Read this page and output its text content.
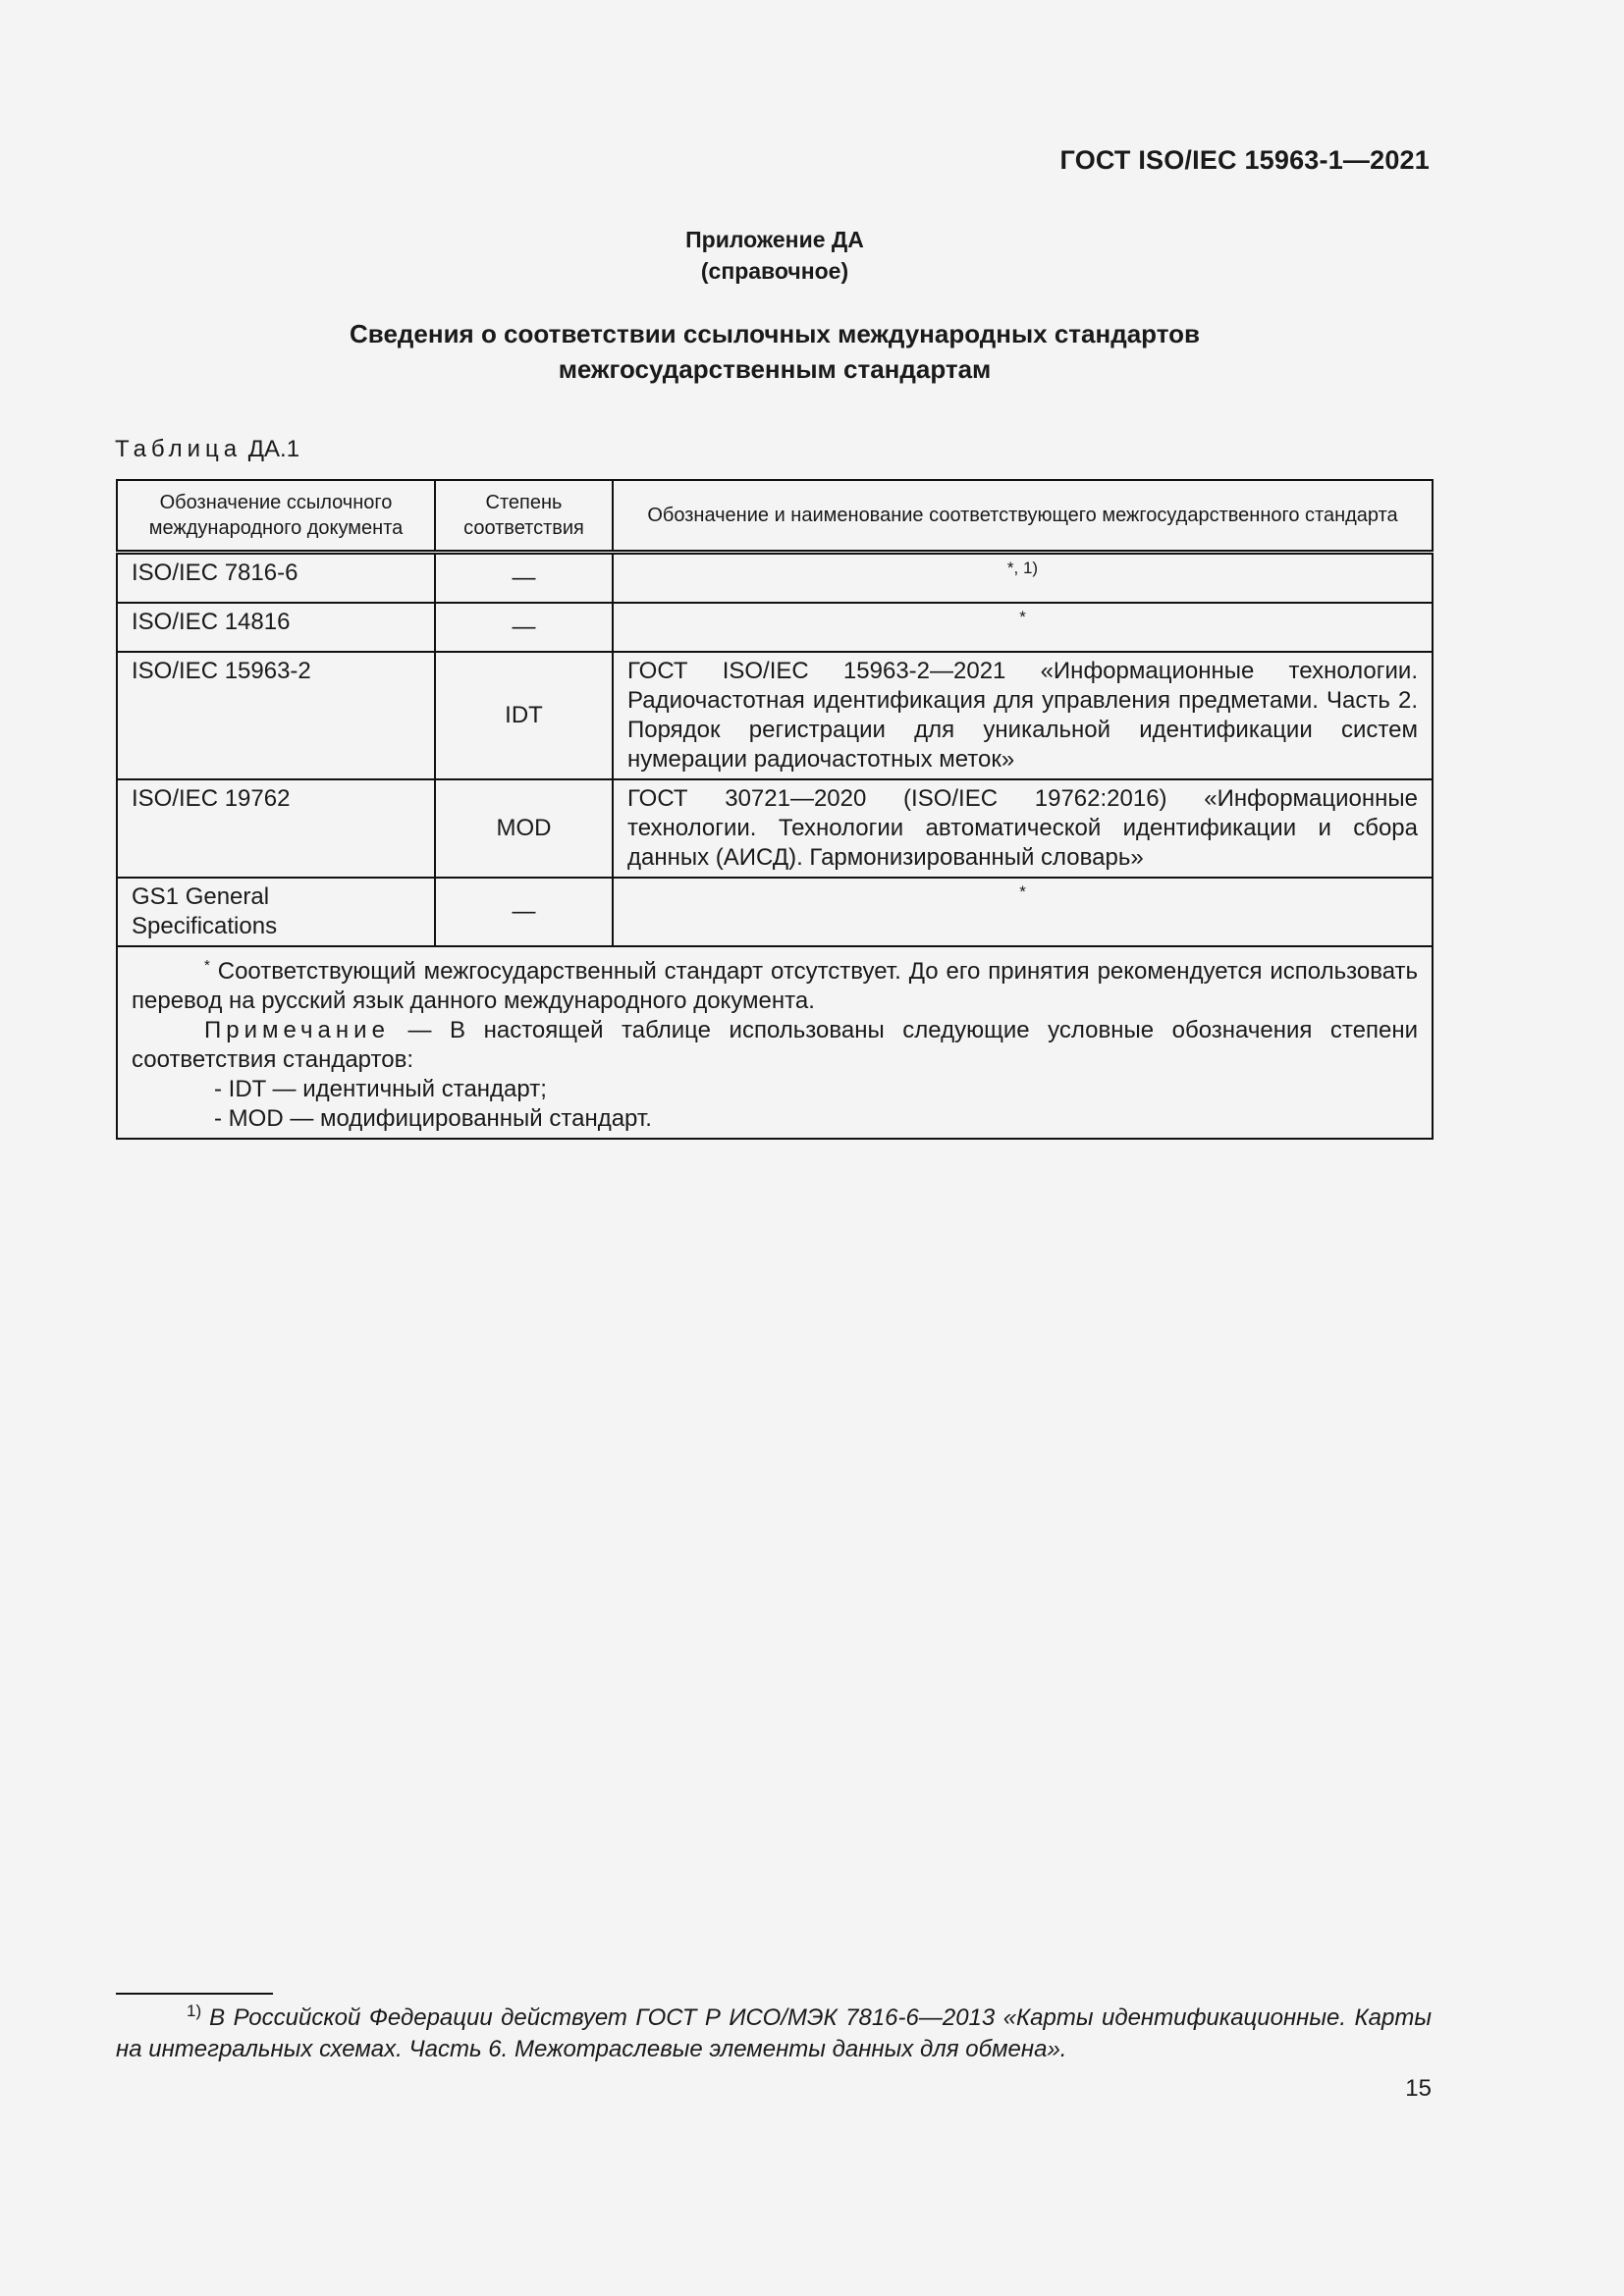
ГОСТ ISO/IEC 15963-1—2021
Приложение ДА
(справочное)
Сведения о соответствии ссылочных международных стандартов
межгосударственным стандартам
Таблица ДА.1
Обозначение ссылочного международного документа	Степень соответствия	Обозначение и наименование соответствующего межгосударственного стандарта
ISO/IEC 7816-6	—	*, 1)
ISO/IEC 14816	—	*
ISO/IEC 15963-2	IDT	ГОСТ ISO/IEC 15963-2—2021 «Информационные технологии. Радиочастотная идентификация для управления предметами. Часть 2. Порядок регистрации для уникальной идентификации систем нумерации радиочастотных меток»
ISO/IEC 19762	MOD	ГОСТ 30721—2020 (ISO/IEC 19762:2016) «Информационные технологии. Технологии автоматической идентификации и сбора данных (АИСД). Гармонизированный словарь»
GS1 General Specifications	—	*

* Соответствующий межгосударственный стандарт отсутствует. До его принятия рекомендуется использовать перевод на русский язык данного международного документа.

Примечание — В настоящей таблице использованы следующие условные обозначения степени соответствия стандартов:

- IDT — идентичный стандарт;

- MOD — модифицированный стандарт.		

$^{1)}$ В Российской Федерации действует ГОСТ Р ИСО/МЭК 7816-6—2013 «Карты идентификационные. Карты на интегральных схемах. Часть 6. Межотраслевые элементы данных для обмена».
15
